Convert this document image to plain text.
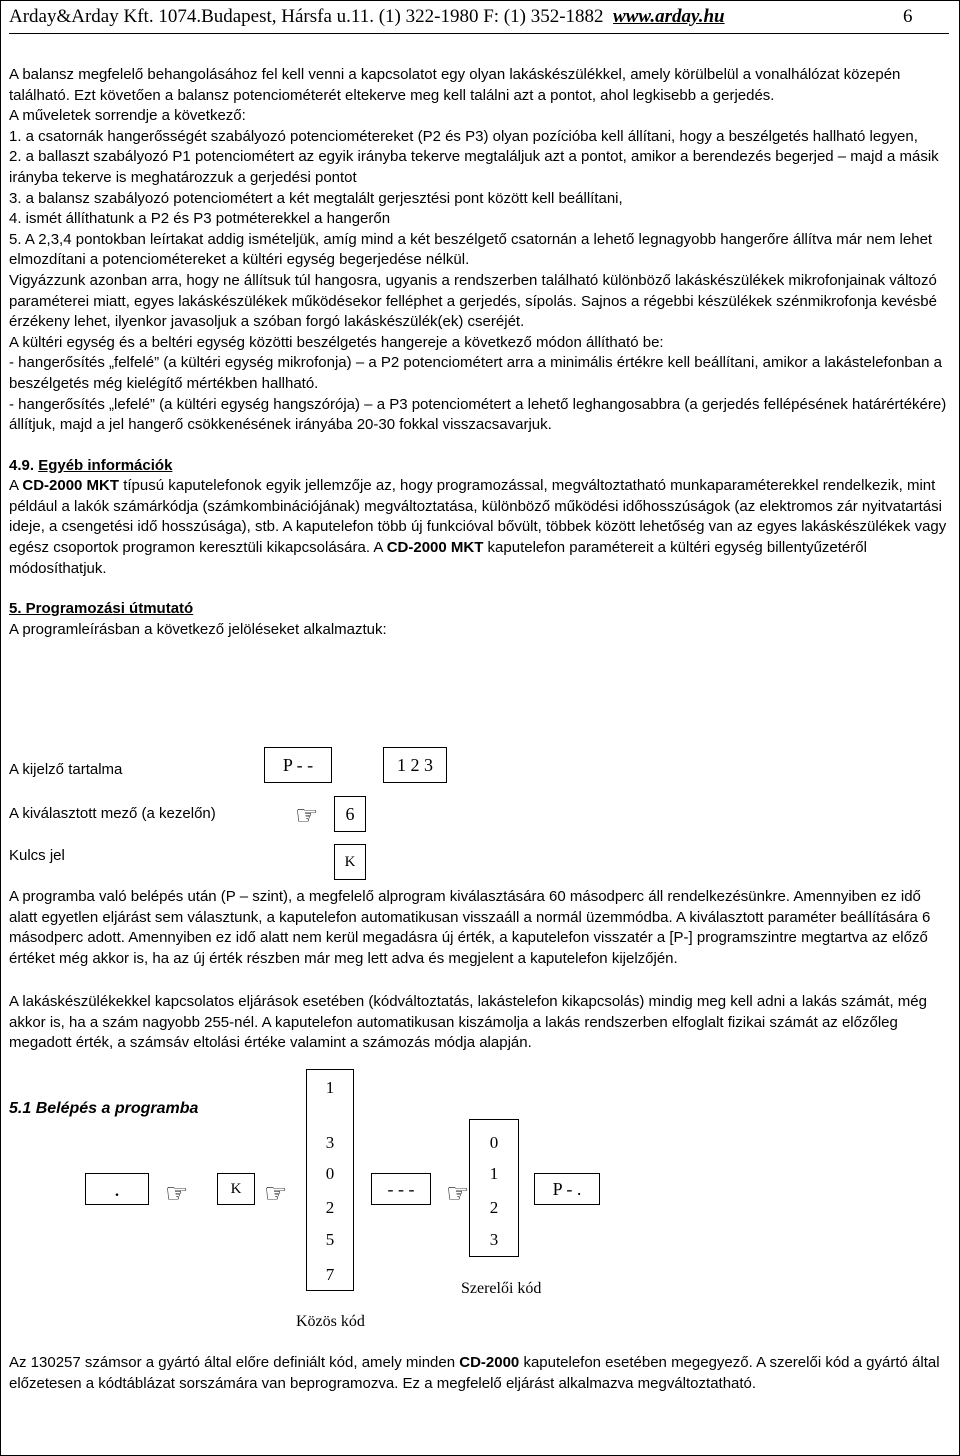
Arday&Arday Kft. 1074.Budapest, Hársfa u.11. (1) 322-1980 F: (1) 352-1882 www.arday.hu	6

A balansz megfelelő behangolásához fel kell venni a kapcsolatot egy olyan lakáskészülékkel, amely körülbelül a vonalhálózat közepén található. Ezt követően a balansz potenciométerét eltekerve meg kell találni azt a pontot, ahol legkisebb a gerjedés.

A műveletek sorrendje a következő:

1. a csatornák hangerősségét szabályozó potenciométereket (P2 és P3) olyan pozícióba kell állítani, hogy a beszélgetés hallható legyen,

2. a ballaszt szabályozó P1 potenciométert az egyik irányba tekerve megtaláljuk azt a pontot, amikor a berendezés begerjed – majd a másik irányba tekerve is meghatározzuk a gerjedési pontot

3. a balansz szabályozó potenciométert a két megtalált gerjesztési pont között kell beállítani,

4. ismét állíthatunk a P2 és P3 potméterekkel a hangerőn

5. A 2,3,4 pontokban leírtakat addig ismételjük, amíg mind a két beszélgető csatornán a lehető legnagyobb hangerőre állítva már nem lehet elmozdítani a potenciométereket a kültéri egység begerjedése nélkül.

Vigyázzunk azonban arra, hogy ne állítsuk túl hangosra, ugyanis a rendszerben található különböző lakáskészülékek mikrofonjainak változó paraméterei miatt, egyes lakáskészülékek működésekor felléphet a gerjedés, sípolás. Sajnos a régebbi készülékek szénmikrofonja kevésbé érzékeny lehet, ilyenkor javasoljuk a szóban forgó lakáskészülék(ek) cseréjét.

A kültéri egység és a beltéri egység közötti beszélgetés hangereje a következő módon állítható be:

- hangerősítés „felfelé” (a kültéri egység mikrofonja) – a P2 potenciométert arra a minimális értékre kell beállítani, amikor a lakástelefonban a beszélgetés még kielégítő mértékben hallható.

- hangerősítés „lefelé” (a kültéri egység hangszórója) – a P3 potenciométert a lehető leghangosabbra (a gerjedés fellépésének határértékére) állítjuk, majd a jel hangerő csökkenésének irányába 20-30 fokkal visszacsavarjuk.

4.9. Egyéb információk

A CD-2000 MKT típusú kaputelefonok egyik jellemzője az, hogy programozással, megváltoztatható munkaparaméterekkel rendelkezik, mint például a lakók számárkódja (számkombinációjának) megváltoztatása, különböző működési időhosszúságok (az elektromos zár nyitvatartási ideje, a csengetési idő hosszúsága), stb. A kaputelefon több új funkcióval bővült, többek között lehetőség van az egyes lakáskészülékek vagy egész csoportok programon keresztüli kikapcsolására. A CD-2000 MKT kaputelefon paramétereit a kültéri egység billentyűzetéről módosíthatjuk.

5. Programozási útmutató

A programleírásban a következő jelöléseket alkalmaztuk:

A kijelző tartalma	P - -	1 2 3
A kiválasztott mező (a kezelőn)	☞	6
Kulcs jel	K
A programba való belépés után (P – szint), a megfelelő alprogram kiválasztására 60 másodperc áll rendelkezésünkre. Amennyiben ez idő alatt egyetlen eljárást sem választunk, a kaputelefon automatikusan visszaáll a normál üzemmódba. A kiválasztott paraméter beállítására 6 másodperc adott. Amennyiben ez idő alatt nem kerül megadásra új érték, a kaputelefon visszatér a [P-] programszintre megtartva az előző értéket még akkor is, ha az új érték részben már meg lett adva és megjelent a kaputelefon kijelzőjén.
A lakáskészülékekkel kapcsolatos eljárások esetében (kódváltoztatás, lakástelefon kikapcsolás) mindig meg kell adni a lakás számát, még akkor is, ha a szám nagyobb 255-nél. A kaputelefon automatikusan kiszámolja a lakás rendszerben elfoglalt fizikai számát az előzőleg megadott érték, a számsáv eltolási értéke valamint a számozás módja alapján.
5.1 Belépés a programba
1
3
0
2
5
7
Közös kód
0
1
2
3
Szerelői kód
.	☞	K ☞	- - -	☞	P - .
Az 130257 számsor a gyártó által előre definiált kód, amely minden CD-2000 kaputelefon esetében megegyező. A szerelői kód a gyártó által előzetesen a kódtáblázat sorszámára van beprogramozva. Ez a megfelelő eljárást alkalmazva megváltoztatható.
